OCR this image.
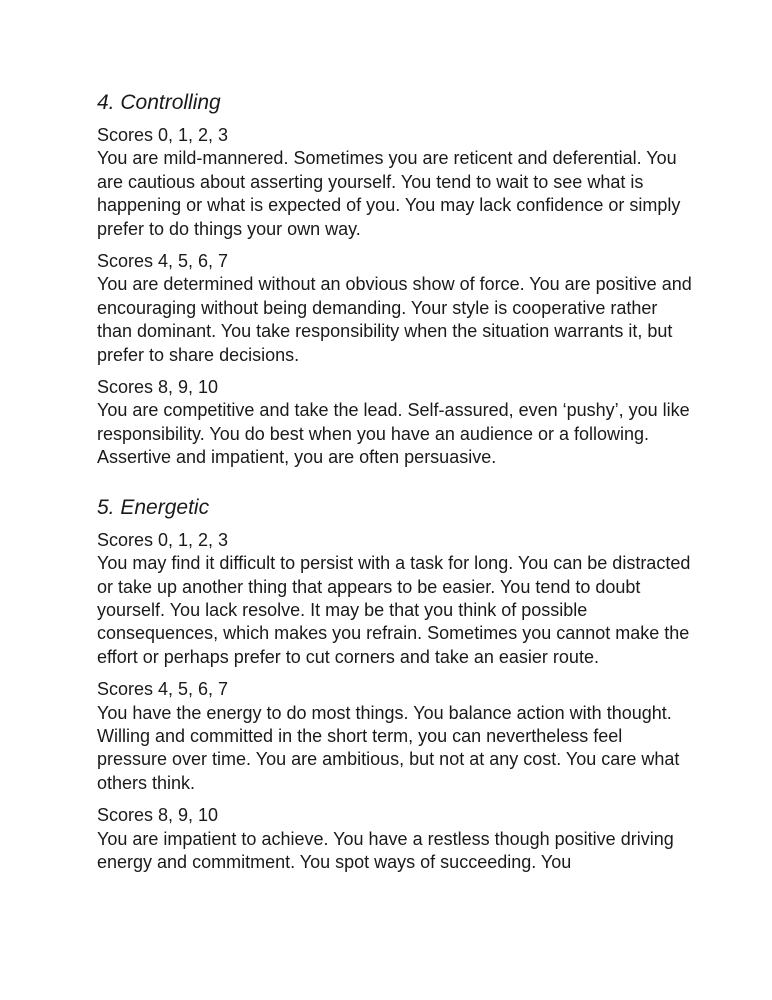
4. Controlling

Scores 0, 1, 2, 3

You are mild-mannered. Sometimes you are reticent and deferential. You are cautious about asserting yourself. You tend to wait to see what is happening or what is expected of you. You may lack confidence or simply prefer to do things your own way.

Scores 4, 5, 6, 7

You are determined without an obvious show of force. You are positive and encouraging without being demanding. Your style is cooperative rather than dominant. You take responsibility when the situation warrants it, but prefer to share decisions.

Scores 8, 9, 10

You are competitive and take the lead. Self-assured, even ‘pushy’, you like responsibility. You do best when you have an audience or a following. Assertive and impatient, you are often persuasive.

5. Energetic

Scores 0, 1, 2, 3

You may find it difficult to persist with a task for long. You can be distracted or take up another thing that appears to be easier. You tend to doubt yourself. You lack resolve. It may be that you think of possible consequences, which makes you refrain. Sometimes you cannot make the effort or perhaps prefer to cut corners and take an easier route.

Scores 4, 5, 6, 7

You have the energy to do most things. You balance action with thought. Willing and committed in the short term, you can nevertheless feel pressure over time. You are ambitious, but not at any cost. You care what others think.

Scores 8, 9, 10

You are impatient to achieve. You have a restless though positive driving energy and commitment. You spot ways of succeeding. You
